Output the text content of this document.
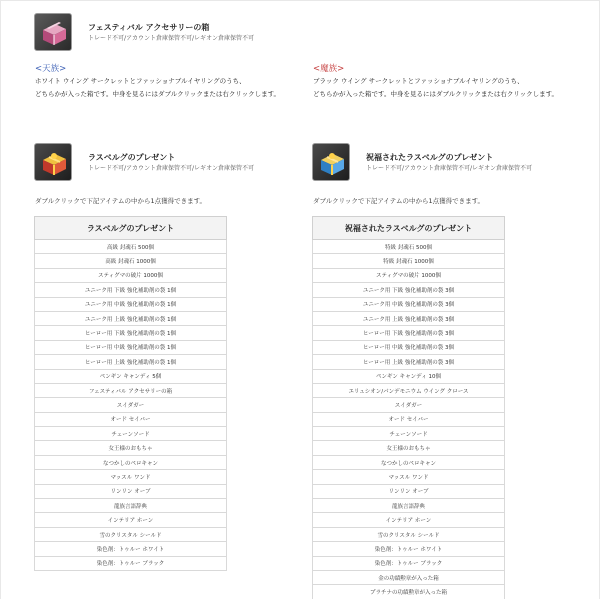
フェスティバル アクセサリーの箱
トレード不可/アカウント倉庫保管不可/レギオン倉庫保管不可
<天族>
ホワイト ウイング サークレットとファッショナブルイヤリングのうち、
どちらかが入った箱です。中身を見るにはダブルクリックまたは右クリックします。
<魔族>
ブラック ウイング サークレットとファッショナブルイヤリングのうち、
どちらかが入った箱です。中身を見るにはダブルクリックまたは右クリックします。
ラスベルグのプレゼント
トレード不可/アカウント倉庫保管不可/レギオン倉庫保管不可
祝福されたラスベルグのプレゼント
トレード不可/アカウント倉庫保管不可/レギオン倉庫保管不可
ダブルクリックで下記アイテムの中から1点獲得できます。	ダブルクリックで下記アイテムの中から1点獲得できます。
ラスベルグのプレゼント
高級 封魂石 500個
高級 封魂石 1000個
スティグマの破片 1000個
ユニーク用 下級 強化補助剤の袋 1個
ユニーク用 中級 強化補助剤の袋 1個
ユニーク用 上級 強化補助剤の袋 1個
ヒーロー用 下級 強化補助剤の袋 1個
ヒーロー用 中級 強化補助剤の袋 1個
ヒーロー用 上級 強化補助剤の袋 1個
ペンギン キャンディ 5個
フェスティバル アクセサリーの箱
スイダガー
オード セイバー
チェーンソード
女王様のおもちゃ
なつかしのペロキャン
マッスル ワンド
リンリン オーブ
龍族言語辞典
インテリア ホーン
雪のクリスタル シールド
染色剤：トゥルー ホワイト
染色剤：トゥルー ブラック
祝福されたラスベルグのプレゼント
特級 封魂石 500個
特級 封魂石 1000個
スティグマの破片 1000個
ユニーク用 下級 強化補助剤の袋 3個
ユニーク用 中級 強化補助剤の袋 3個
ユニーク用 上級 強化補助剤の袋 3個
ヒーロー用 下級 強化補助剤の袋 3個
ヒーロー用 中級 強化補助剤の袋 3個
ヒーロー用 上級 強化補助剤の袋 3個
ペンギン キャンディ 10個
エリュシオン/パンデモニウム ウイング クロース
スイダガー
オード セイバー
チェーンソード
女王様のおもちゃ
なつかしのペロキャン
マッスル ワンド
リンリン オーブ
龍族言語辞典
インテリア ホーン
雪のクリスタル シールド
染色剤：トゥルー ホワイト
染色剤：トゥルー ブラック
金の功績勲章が入った箱
プラチナの功績勲章が入った箱
